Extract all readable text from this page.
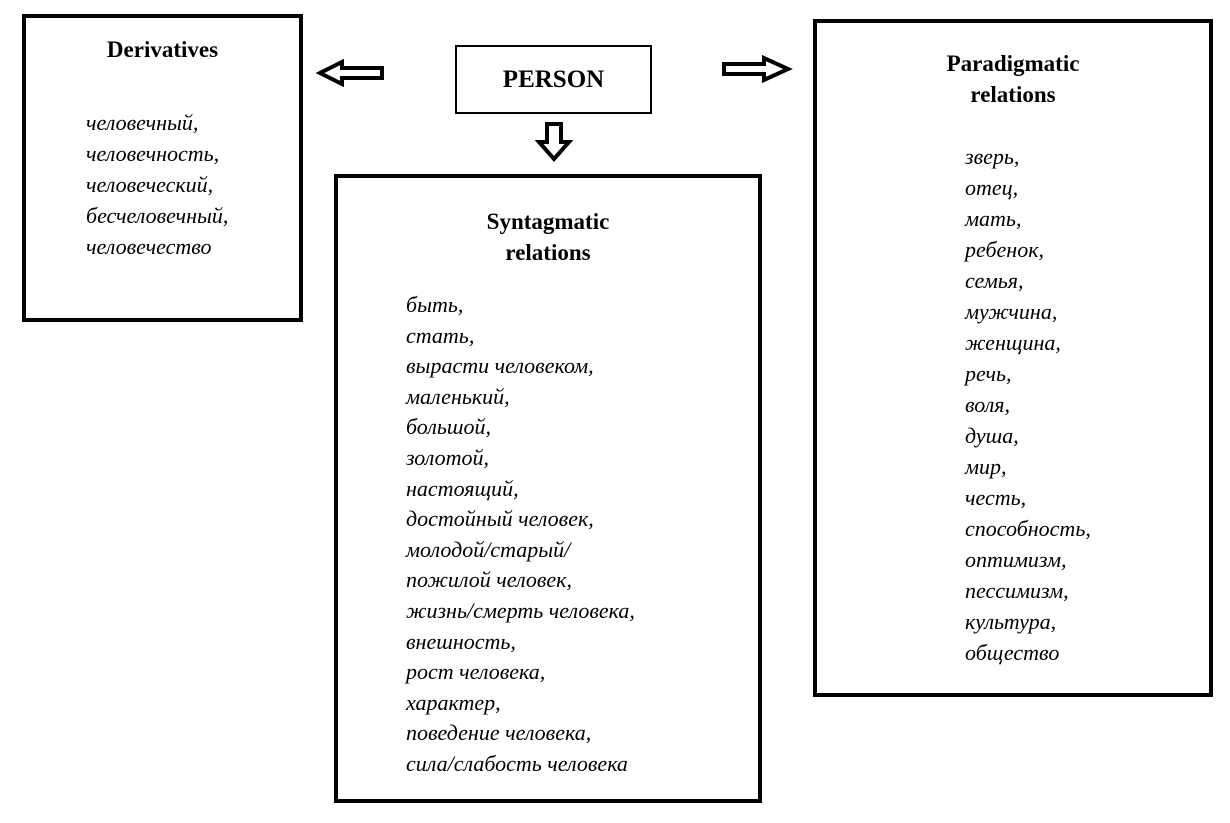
Derivatives

человечный,
человечность,
человеческий,
бесчеловечный,
человечество

PERSON

Syntagmatic
relations
быть,
стать,
вырасти человеком,
маленький,
большой,
золотой,
настоящий,
достойный человек,
молодой/старый/
пожилой человек,
жизнь/смерть человека,
внешность,
рост человека,
характер,
поведение человека,
сила/слабость человека
Paradigmatic
relations
зверь,
отец,
мать,
ребенок,
семья,
мужчина,
женщина,
речь,
воля,
душа,
мир,
честь,
способность,
оптимизм,
пессимизм,
культура,
общество
